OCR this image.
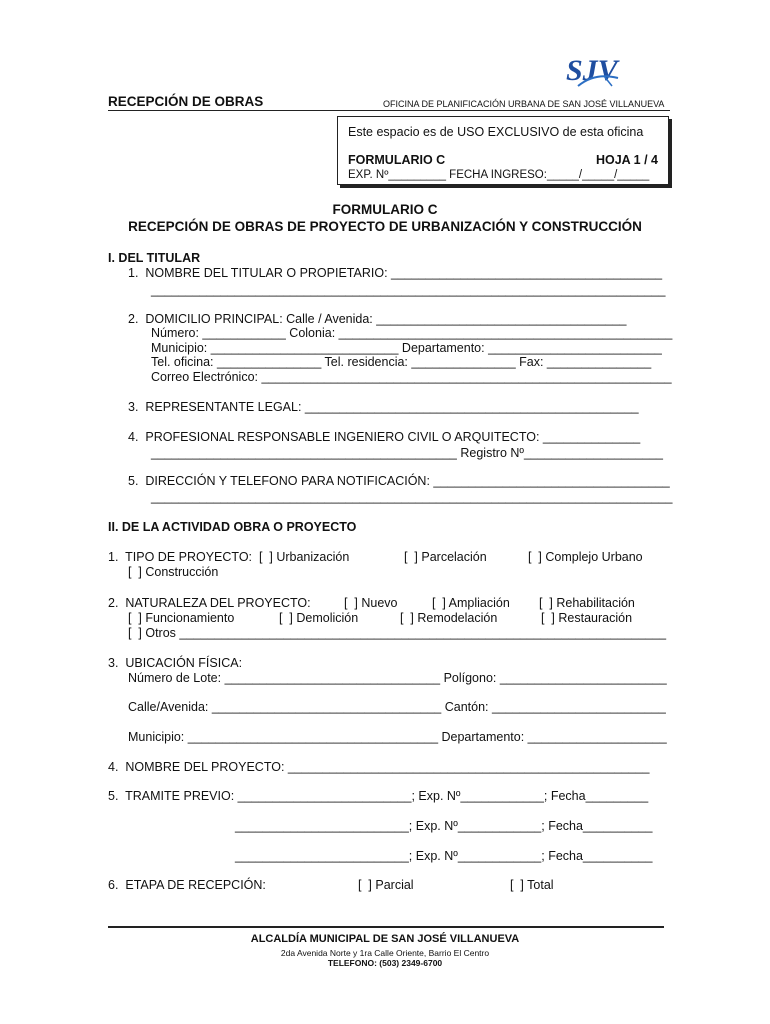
SJV
RECEPCIÓN DE OBRAS	OFICINA DE PLANIFICACIÓN URBANA DE SAN JOSÉ VILLANUEVA
Este espacio es de USO EXCLUSIVO de esta oficina
FORMULARIO C	HOJA 1 / 4
EXP. Nº_________ FECHA INGRESO:_____/_____/_____
FORMULARIO C
RECEPCIÓN DE OBRAS DE PROYECTO DE URBANIZACIÓN Y CONSTRUCCIÓN
I. DEL TITULAR
1.  NOMBRE DEL TITULAR O PROPIETARIO: _______________________________________
__________________________________________________________________________
2.  DOMICILIO PRINCIPAL: Calle / Avenida: ____________________________________
Número: ____________ Colonia: ________________________________________________
Municipio: ___________________________ Departamento: _________________________
Tel. oficina: _______________ Tel. residencia: _______________ Fax: _______________
Correo Electrónico: ___________________________________________________________
3.  REPRESENTANTE LEGAL: ________________________________________________
4.  PROFESIONAL RESPONSABLE INGENIERO CIVIL O ARQUITECTO: ______________
____________________________________________ Registro Nº____________________
5.  DIRECCIÓN Y TELEFONO PARA NOTIFICACIÓN: __________________________________
___________________________________________________________________________
II. DE LA ACTIVIDAD OBRA O PROYECTO
1.  TIPO DE PROYECTO:  [  ] Urbanización	[  ] Parcelación	[  ] Complejo Urbano
[  ] Construcción
2.  NATURALEZA DEL PROYECTO:	[  ] Nuevo	[  ] Ampliación [  ] Rehabilitación
[  ] Funcionamiento	[  ] Demolición	[  ] Remodelación	[  ] Restauración
[  ] Otros ______________________________________________________________________
3.  UBICACIÓN FÍSICA:
Número de Lote: _______________________________ Polígono: ________________________
Calle/Avenida: _________________________________ Cantón: _________________________
Municipio: ____________________________________ Departamento: ____________________
4.  NOMBRE DEL PROYECTO: ____________________________________________________
5.  TRAMITE PREVIO: _________________________; Exp. Nº____________; Fecha_________
_________________________; Exp. Nº____________; Fecha__________
_________________________; Exp. Nº____________; Fecha__________
6.  ETAPA DE RECEPCIÓN:	[  ] Parcial	[  ] Total
ALCALDÍA MUNICIPAL DE SAN JOSÉ VILLANUEVA
2da Avenida Norte y 1ra Calle Oriente, Barrio El Centro
TELEFONO: (503) 2349-6700
